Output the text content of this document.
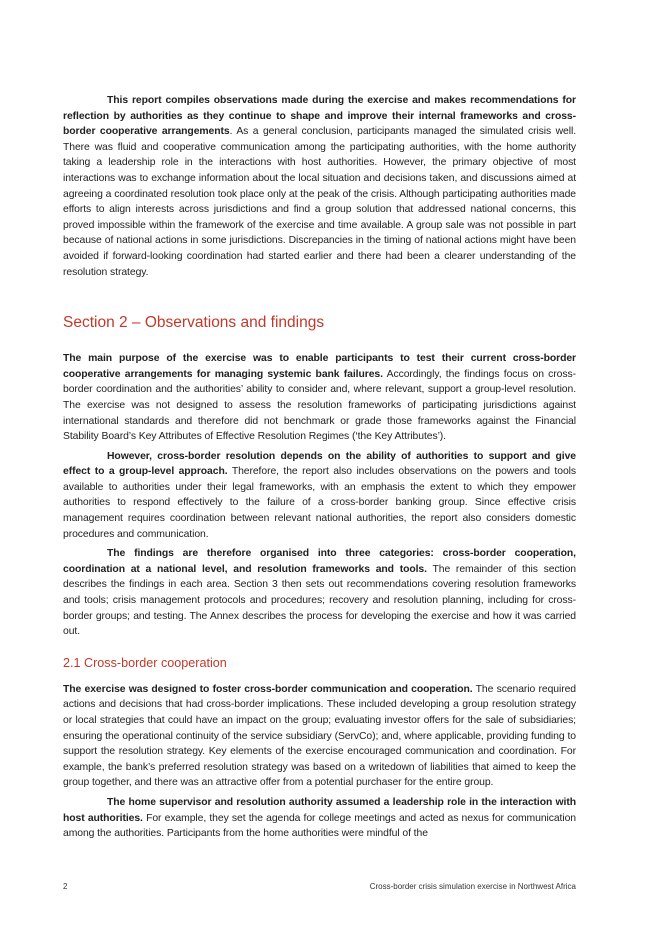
This report compiles observations made during the exercise and makes recommendations for reflection by authorities as they continue to shape and improve their internal frameworks and cross-border cooperative arrangements. As a general conclusion, participants managed the simulated crisis well. There was fluid and cooperative communication among the participating authorities, with the home authority taking a leadership role in the interactions with host authorities. However, the primary objective of most interactions was to exchange information about the local situation and decisions taken, and discussions aimed at agreeing a coordinated resolution took place only at the peak of the crisis. Although participating authorities made efforts to align interests across jurisdictions and find a group solution that addressed national concerns, this proved impossible within the framework of the exercise and time available. A group sale was not possible in part because of national actions in some jurisdictions. Discrepancies in the timing of national actions might have been avoided if forward-looking coordination had started earlier and there had been a clearer understanding of the resolution strategy.

Section 2 – Observations and findings

The main purpose of the exercise was to enable participants to test their current cross-border cooperative arrangements for managing systemic bank failures. Accordingly, the findings focus on cross-border coordination and the authorities’ ability to consider and, where relevant, support a group-level resolution. The exercise was not designed to assess the resolution frameworks of participating jurisdictions against international standards and therefore did not benchmark or grade those frameworks against the Financial Stability Board’s Key Attributes of Effective Resolution Regimes (‘the Key Attributes’).

However, cross-border resolution depends on the ability of authorities to support and give effect to a group-level approach. Therefore, the report also includes observations on the powers and tools available to authorities under their legal frameworks, with an emphasis the extent to which they empower authorities to respond effectively to the failure of a cross-border banking group. Since effective crisis management requires coordination between relevant national authorities, the report also considers domestic procedures and communication.

The findings are therefore organised into three categories: cross-border cooperation, coordination at a national level, and resolution frameworks and tools. The remainder of this section describes the findings in each area. Section 3 then sets out recommendations covering resolution frameworks and tools; crisis management protocols and procedures; recovery and resolution planning, including for cross-border groups; and testing. The Annex describes the process for developing the exercise and how it was carried out.

2.1 Cross-border cooperation

The exercise was designed to foster cross-border communication and cooperation. The scenario required actions and decisions that had cross-border implications. These included developing a group resolution strategy or local strategies that could have an impact on the group; evaluating investor offers for the sale of subsidiaries; ensuring the operational continuity of the service subsidiary (ServCo); and, where applicable, providing funding to support the resolution strategy. Key elements of the exercise encouraged communication and coordination. For example, the bank’s preferred resolution strategy was based on a writedown of liabilities that aimed to keep the group together, and there was an attractive offer from a potential purchaser for the entire group.

The home supervisor and resolution authority assumed a leadership role in the interaction with host authorities. For example, they set the agenda for college meetings and acted as nexus for communication among the authorities. Participants from the home authorities were mindful of the

2	Cross-border crisis simulation exercise in Northwest Africa
